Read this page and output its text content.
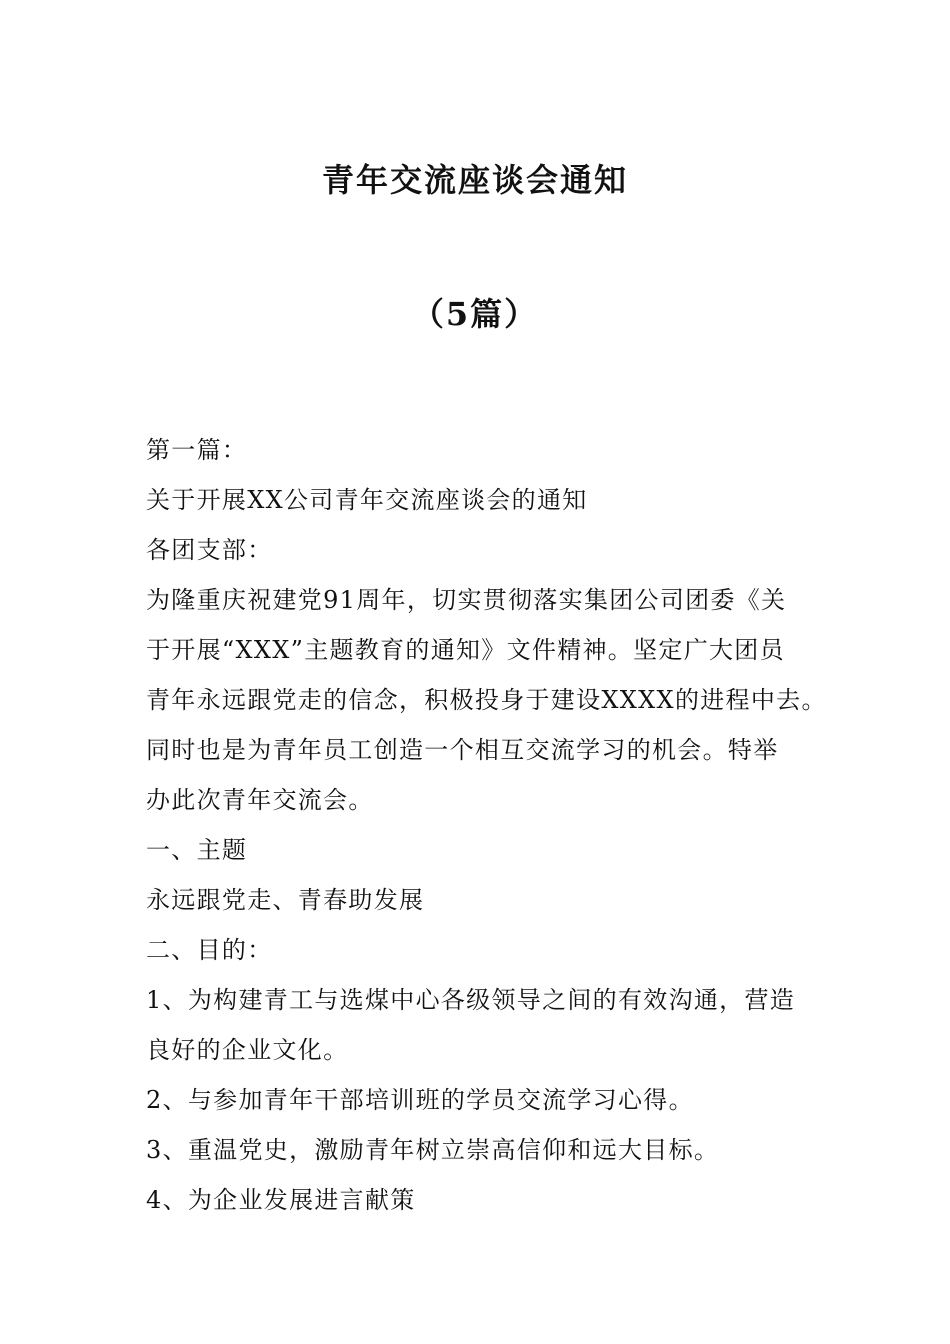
青年交流座谈会通知
（5篇）
第一篇：
关于开展XX公司青年交流座谈会的通知
各团支部：
为隆重庆祝建党91周年，切实贯彻落实集团公司团委《关
于开展“XXX”主题教育的通知》文件精神。坚定广大团员
青年永远跟党走的信念，积极投身于建设XXXX的进程中去。
同时也是为青年员工创造一个相互交流学习的机会。特举
办此次青年交流会。
一、主题
永远跟党走、青春助发展
二、目的：
1、为构建青工与选煤中心各级领导之间的有效沟通，营造
良好的企业文化。
2、与参加青年干部培训班的学员交流学习心得。
3、重温党史，激励青年树立崇高信仰和远大目标。
4、为企业发展进言献策
